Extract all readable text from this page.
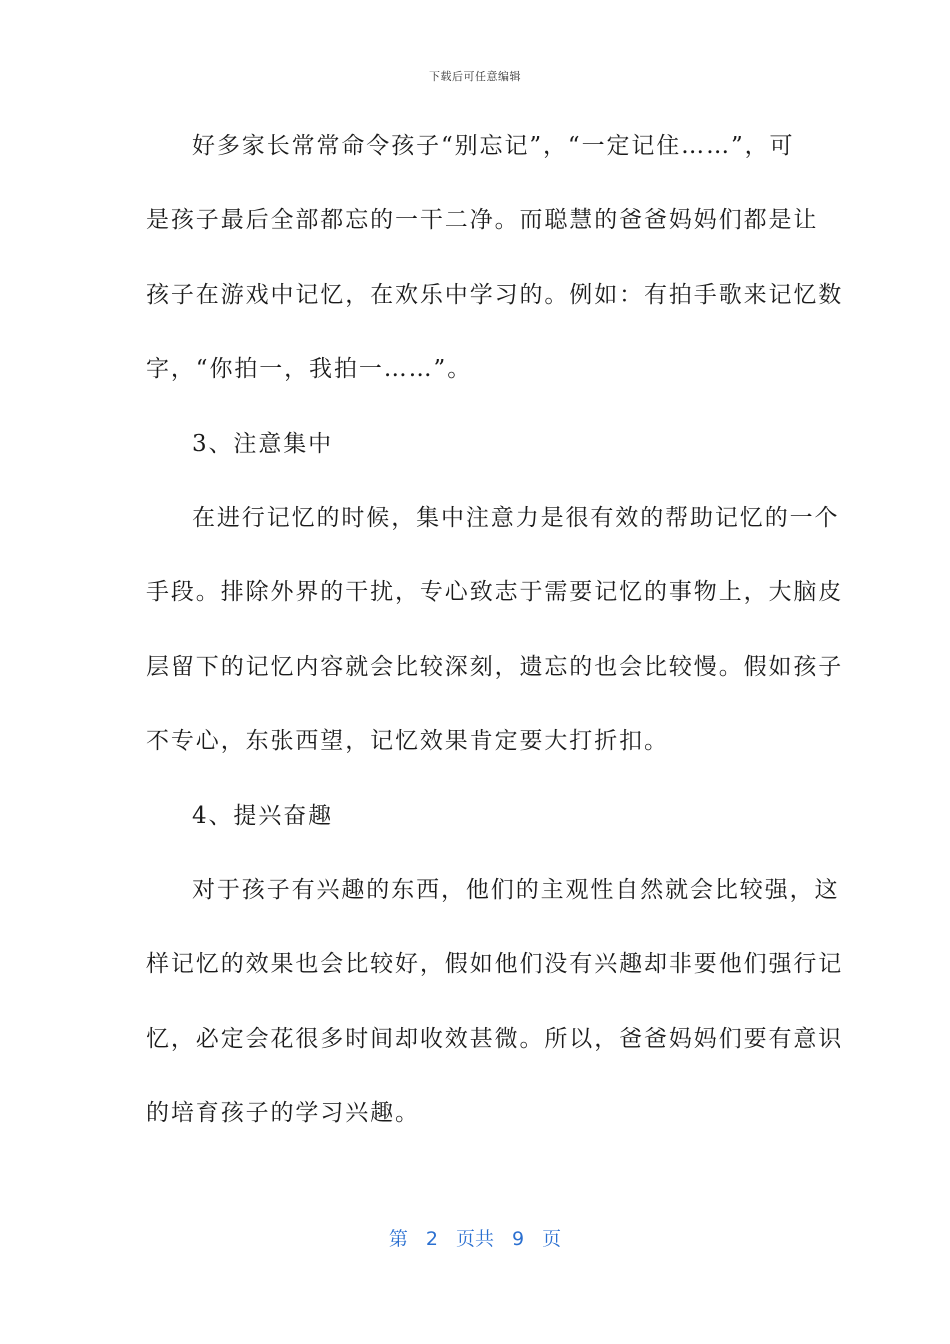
下载后可任意编辑
好多家长常常命令孩子“别忘记”，“一定记住……”，可
是孩子最后全部都忘的一干二净。而聪慧的爸爸妈妈们都是让
孩子在游戏中记忆，在欢乐中学习的。例如：有拍手歌来记忆数
字，“你拍一，我拍一……”。
3、注意集中
在进行记忆的时候，集中注意力是很有效的帮助记忆的一个
手段。排除外界的干扰，专心致志于需要记忆的事物上，大脑皮
层留下的记忆内容就会比较深刻，遗忘的也会比较慢。假如孩子
不专心，东张西望，记忆效果肯定要大打折扣。
4、提兴奋趣
对于孩子有兴趣的东西，他们的主观性自然就会比较强，这
样记忆的效果也会比较好，假如他们没有兴趣却非要他们强行记
忆，必定会花很多时间却收效甚微。所以，爸爸妈妈们要有意识
的培育孩子的学习兴趣。
第 2 页共 9 页
